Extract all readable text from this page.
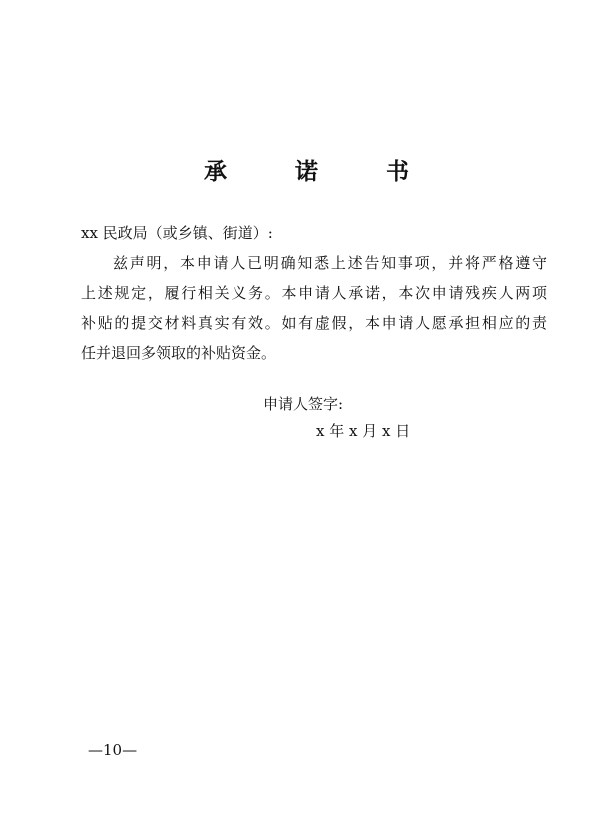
承 诺 书
xx 民政局（或乡镇、街道）:
兹声明，本申请人已明确知悉上述告知事项，并将严格遵守
上述规定，履行相关义务。本申请人承诺，本次申请残疾人两项
补贴的提交材料真实有效。如有虚假，本申请人愿承担相应的责
任并退回多领取的补贴资金。
申请人签字:
x 年 x 月 x 日
—10—
